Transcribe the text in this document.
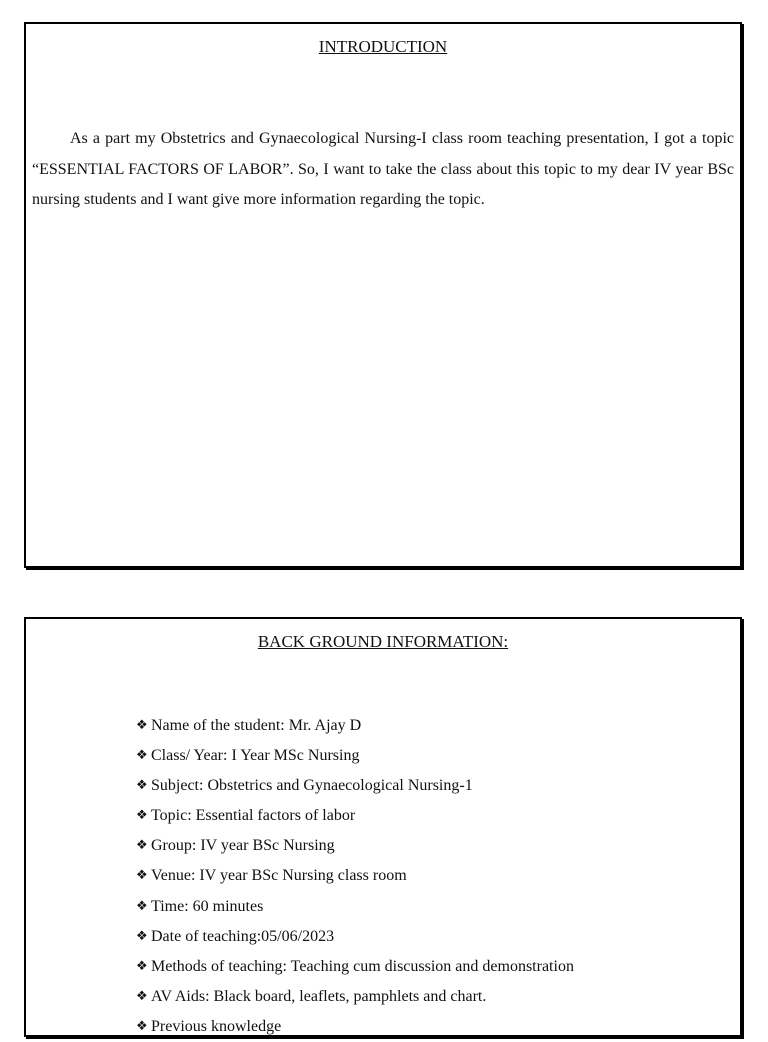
INTRODUCTION

As a part my Obstetrics and Gynaecological Nursing-I class room teaching presentation, I got a topic “ESSENTIAL FACTORS OF LABOR”. So, I want to take the class about this topic to my dear IV year BSc nursing students and I want give more information regarding the topic.

BACK GROUND INFORMATION:
❖ Name of the student: Mr. Ajay D
❖ Class/ Year: I Year MSc Nursing
❖ Subject: Obstetrics and Gynaecological Nursing-1
❖ Topic: Essential factors of labor
❖ Group: IV year BSc Nursing
❖ Venue: IV year BSc Nursing class room
❖ Time: 60 minutes
❖ Date of teaching:05/06/2023
❖ Methods of teaching: Teaching cum discussion and demonstration
❖ AV Aids: Black board, leaflets, pamphlets and chart.
❖ Previous knowledge
